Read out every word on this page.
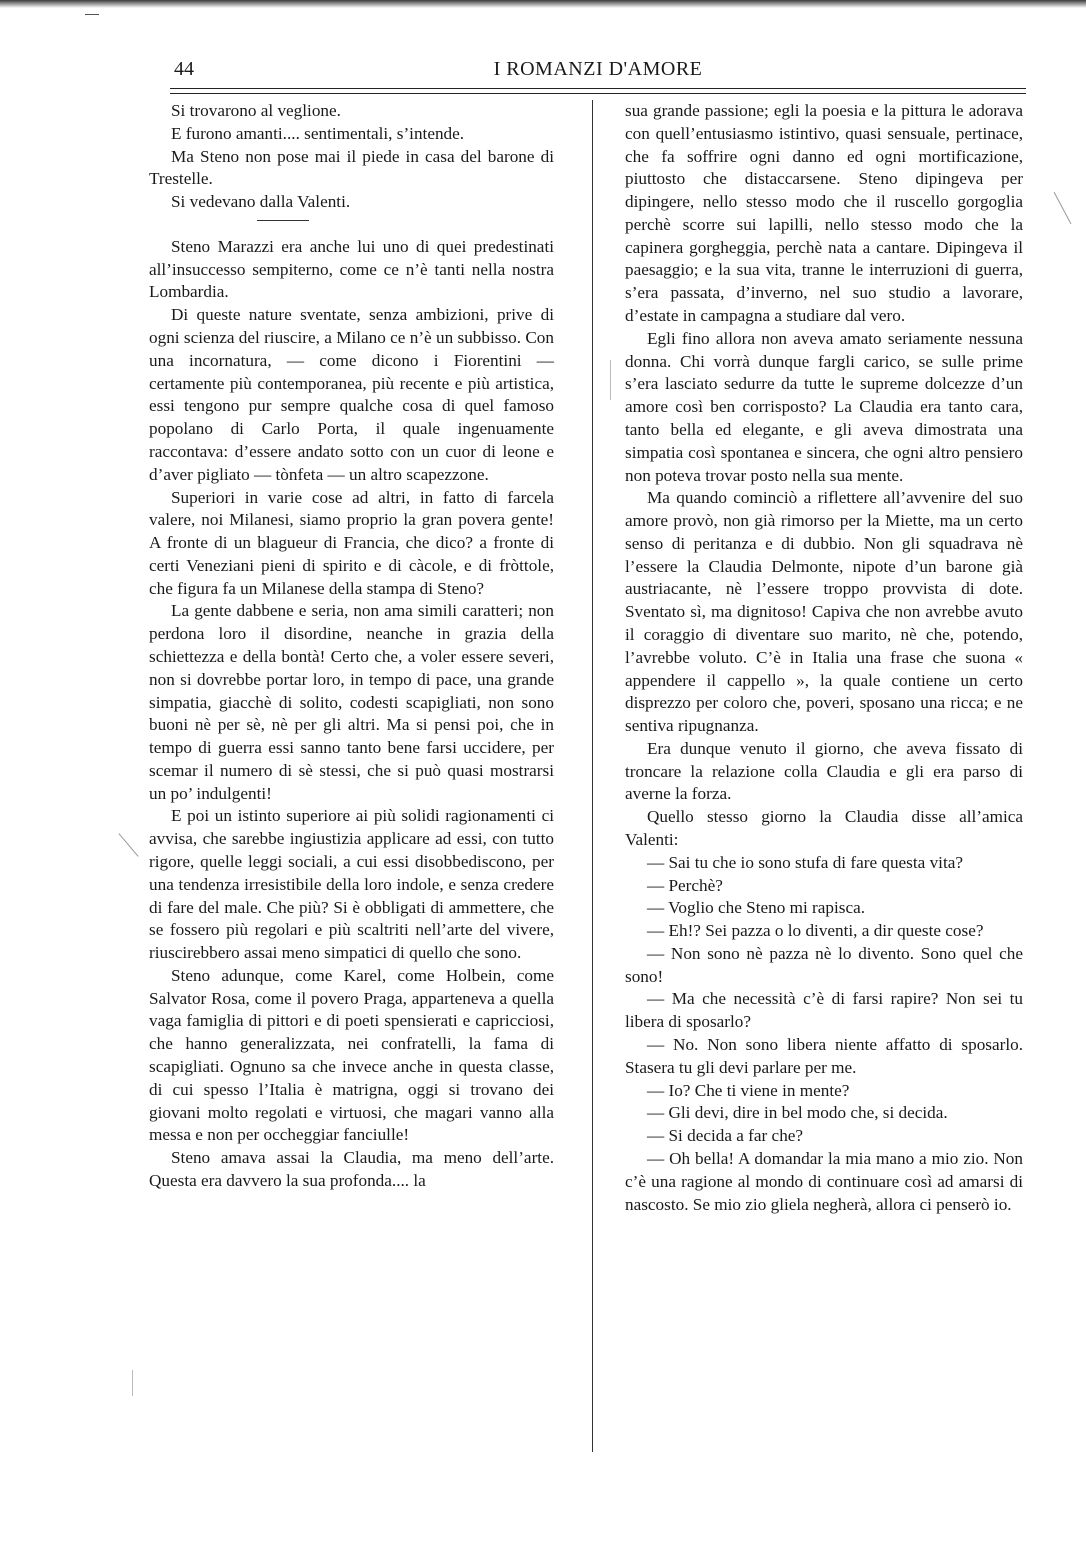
44	I ROMANZI D'AMORE

Si trovarono al veglione.

E furono amanti.... sentimentali, s’intende.

Ma Steno non pose mai il piede in casa del barone di Trestelle.

Si vedevano dalla Valenti.

Steno Marazzi era anche lui uno di quei predestinati all’insuccesso sempiterno, come ce n’è tanti nella nostra Lombardia.

Di queste nature sventate, senza ambizioni, prive di ogni scienza del riuscire, a Milano ce n’è un subbisso. Con una incornatura, — come dicono i Fiorentini — certamente più contemporanea, più recente e più artistica, essi tengono pur sempre qualche cosa di quel famoso popolano di Carlo Porta, il quale ingenuamente raccontava: d’essere andato sotto con un cuor di leone e d’aver pigliato — tònfeta — un altro scapezzone.

Superiori in varie cose ad altri, in fatto di farcela valere, noi Milanesi, siamo proprio la gran povera gente! A fronte di un blagueur di Francia, che dico? a fronte di certi Veneziani pieni di spirito e di càcole, e di fròttole, che figura fa un Milanese della stampa di Steno?

La gente dabbene e seria, non ama simili caratteri; non perdona loro il disordine, neanche in grazia della schiettezza e della bontà! Certo che, a voler essere severi, non si dovrebbe portar loro, in tempo di pace, una grande simpatia, giacchè di solito, codesti scapigliati, non sono buoni nè per sè, nè per gli altri. Ma si pensi poi, che in tempo di guerra essi sanno tanto bene farsi uccidere, per scemar il numero di sè stessi, che si può quasi mostrarsi un po’ indulgenti!

E poi un istinto superiore ai più solidi ragionamenti ci avvisa, che sarebbe ingiustizia applicare ad essi, con tutto rigore, quelle leggi sociali, a cui essi disobbediscono, per una tendenza irresistibile della loro indole, e senza credere di fare del male. Che più? Si è obbligati di ammettere, che se fossero più regolari e più scaltriti nell’arte del vivere, riuscirebbero assai meno simpatici di quello che sono.

Steno adunque, come Karel, come Holbein, come Salvator Rosa, come il povero Praga, apparteneva a quella vaga famiglia di pittori e di poeti spensierati e capricciosi, che hanno generalizzata, nei confratelli, la fama di scapigliati. Ognuno sa che invece anche in questa classe, di cui spesso l’Italia è matrigna, oggi si trovano dei giovani molto regolati e virtuosi, che magari vanno alla messa e non per occheggiar fanciulle!

Steno amava assai la Claudia, ma meno dell’arte. Questa era davvero la sua profonda.... la

sua grande passione; egli la poesia e la pittura le adorava con quell’entusiasmo istintivo, quasi sensuale, pertinace, che fa soffrire ogni danno ed ogni mortificazione, piuttosto che distaccarsene. Steno dipingeva per dipingere, nello stesso modo che il ruscello gorgoglia perchè scorre sui lapilli, nello stesso modo che la capinera gorgheggia, perchè nata a cantare. Dipingeva il paesaggio; e la sua vita, tranne le interruzioni di guerra, s’era passata, d’inverno, nel suo studio a lavorare, d’estate in campagna a studiare dal vero.

Egli fino allora non aveva amato seriamente nessuna donna. Chi vorrà dunque fargli carico, se sulle prime s’era lasciato sedurre da tutte le supreme dolcezze d’un amore così ben corrisposto? La Claudia era tanto cara, tanto bella ed elegante, e gli aveva dimostrata una simpatia così spontanea e sincera, che ogni altro pensiero non poteva trovar posto nella sua mente.

Ma quando cominciò a riflettere all’avvenire del suo amore provò, non già rimorso per la Miette, ma un certo senso di peritanza e di dubbio. Non gli squadrava nè l’essere la Claudia Delmonte, nipote d’un barone già austriacante, nè l’essere troppo provvista di dote. Sventato sì, ma dignitoso! Capiva che non avrebbe avuto il coraggio di diventare suo marito, nè che, potendo, l’avrebbe voluto. C’è in Italia una frase che suona « appendere il cappello », la quale contiene un certo disprezzo per coloro che, poveri, sposano una ricca; e ne sentiva ripugnanza.

Era dunque venuto il giorno, che aveva fissato di troncare la relazione colla Claudia e gli era parso di averne la forza.

Quello stesso giorno la Claudia disse all’amica Valenti:

— Sai tu che io sono stufa di fare questa vita?

— Perchè?

— Voglio che Steno mi rapisca.

— Eh!? Sei pazza o lo diventi, a dir queste cose?

— Non sono nè pazza nè lo divento. Sono quel che sono!

— Ma che necessità c’è di farsi rapire? Non sei tu libera di sposarlo?

— No. Non sono libera niente affatto di sposarlo. Stasera tu gli devi parlare per me.

— Io? Che ti viene in mente?

— Gli devi, dire in bel modo che, si decida.

— Si decida a far che?

— Oh bella! A domandar la mia mano a mio zio. Non c’è una ragione al mondo di continuare così ad amarsi di nascosto. Se mio zio gliela negherà, allora ci penserò io.
